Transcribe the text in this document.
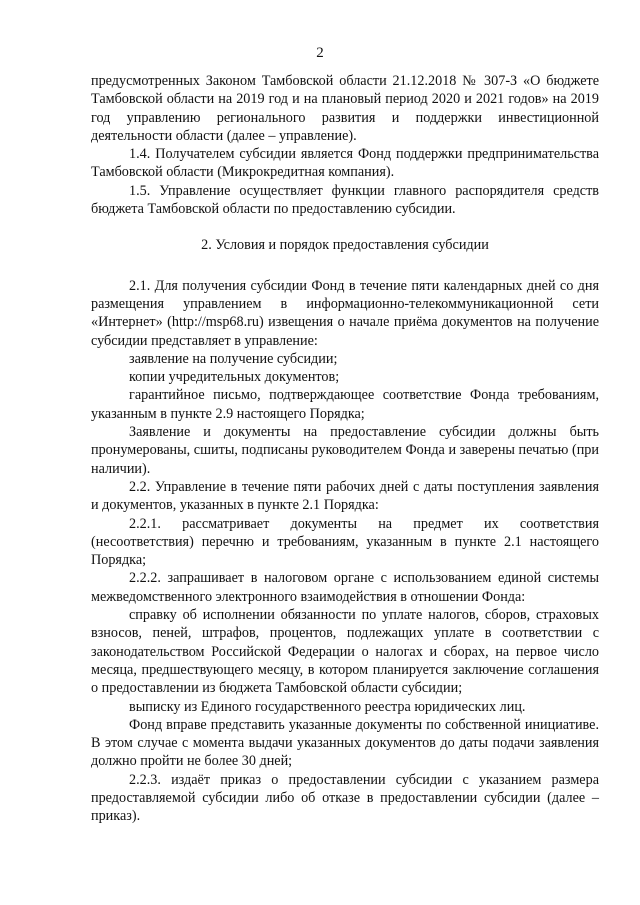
2

предусмотренных Законом Тамбовской области 21.12.2018 № 307-З «О бюджете Тамбовской области на 2019 год и на плановый период 2020 и 2021 годов» на 2019 год управлению регионального развития и поддержки инвестиционной деятельности области (далее – управление).

1.4. Получателем субсидии является Фонд поддержки предпринимательства Тамбовской области (Микрокредитная компания).

1.5. Управление осуществляет функции главного распорядителя средств бюджета Тамбовской области по предоставлению субсидии.

2. Условия и порядок предоставления субсидии

2.1. Для получения субсидии Фонд в течение пяти календарных дней со дня размещения управлением в информационно-телекоммуникационной сети «Интернет» (http://msp68.ru) извещения о начале приёма документов на получение субсидии представляет в управление:

заявление на получение субсидии;

копии учредительных документов;

гарантийное письмо, подтверждающее соответствие Фонда требованиям, указанным в пункте 2.9 настоящего Порядка;

Заявление и документы на предоставление субсидии должны быть пронумерованы, сшиты, подписаны руководителем Фонда и заверены печатью (при наличии).

2.2. Управление в течение пяти рабочих дней с даты поступления заявления и документов, указанных в пункте 2.1 Порядка:

2.2.1. рассматривает документы на предмет их соответствия (несоответствия) перечню и требованиям, указанным в пункте 2.1 настоящего Порядка;

2.2.2. запрашивает в налоговом органе с использованием единой системы межведомственного электронного взаимодействия в отношении Фонда:

справку об исполнении обязанности по уплате налогов, сборов, страховых взносов, пеней, штрафов, процентов, подлежащих уплате в соответствии с законодательством Российской Федерации о налогах и сборах, на первое число месяца, предшествующего месяцу, в котором планируется заключение соглашения о предоставлении из бюджета Тамбовской области субсидии;

выписку из Единого государственного реестра юридических лиц.

Фонд вправе представить указанные документы по собственной инициативе. В этом случае с момента выдачи указанных документов до даты подачи заявления должно пройти не более 30 дней;

2.2.3. издаёт приказ о предоставлении субсидии с указанием размера предоставляемой субсидии либо об отказе в предоставлении субсидии (далее – приказ).
